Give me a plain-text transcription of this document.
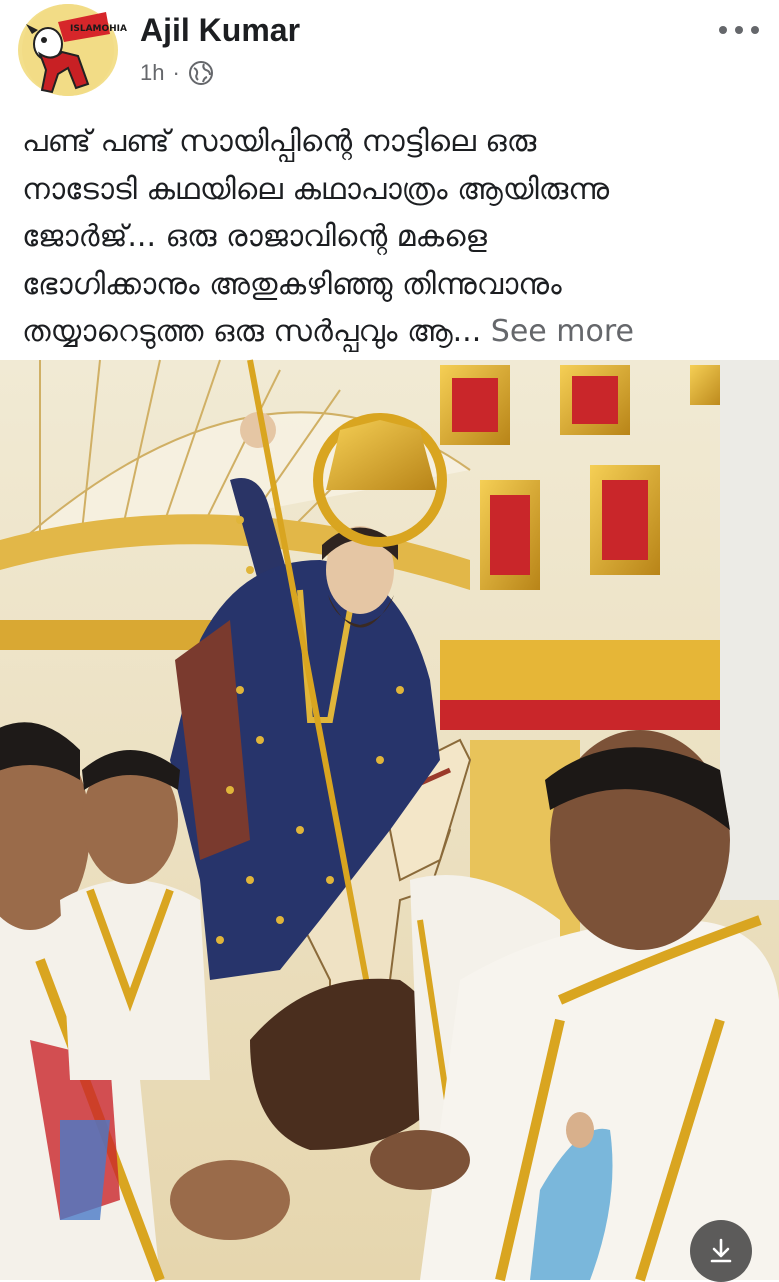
ISLAMOHIA Ajil Kumar
1h ·
പണ്ട് പണ്ട് സായിപ്പിന്റെ നാട്ടിലെ ഒരു
നാടോടി കഥയിലെ കഥാപാത്രം ആയിരുന്നു
ജോർജ്... ഒരു രാജാവിന്റെ മകളെ
ഭോഗിക്കാനും അതുകഴിഞ്ഞു തിന്നുവാനും
തയ്യാറെടുത്ത ഒരു സർപ്പവും ആ... See more
